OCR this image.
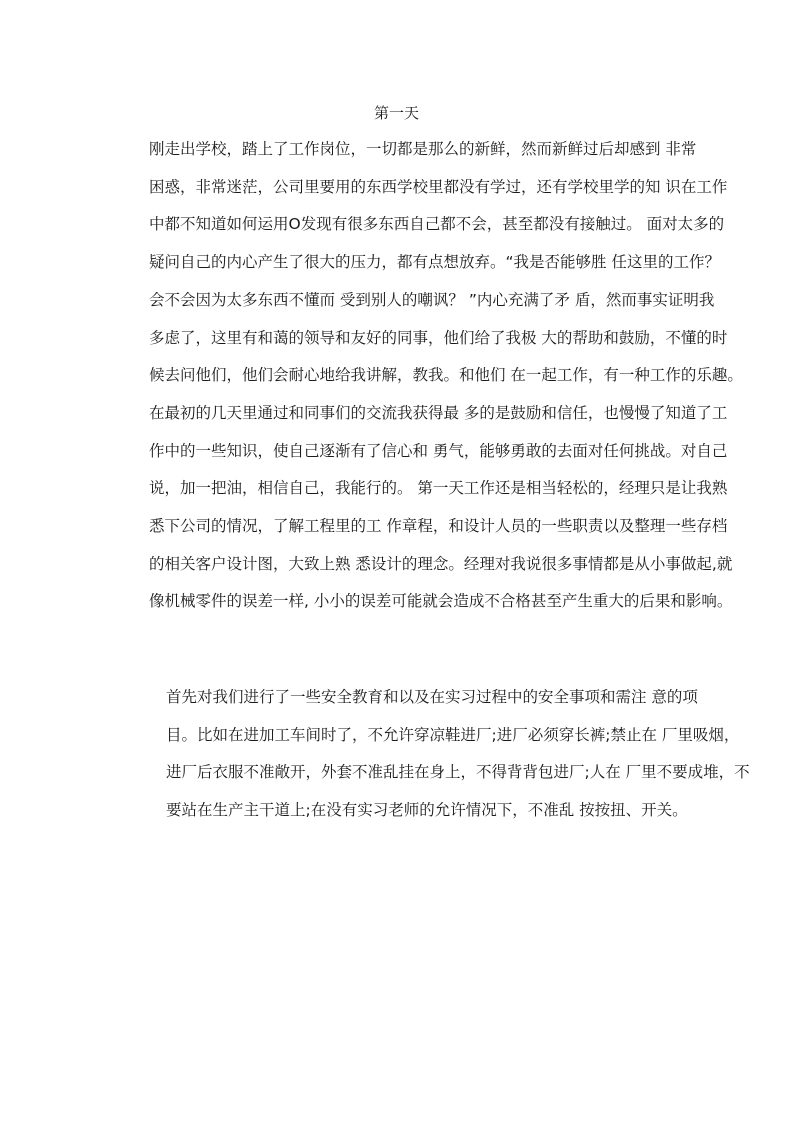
第一天
刚走出学校，踏上了工作岗位，一切都是那么的新鲜，然而新鲜过后却感到 非常
困惑，非常迷茫，公司里要用的东西学校里都没有学过，还有学校里学的知 识在工作
中都不知道如何运用O发现有很多东西自己都不会，甚至都没有接触过。 面对太多的
疑问自己的内心产生了很大的压力，都有点想放弃。“我是否能够胜 任这里的工作？
会不会因为太多东西不懂而 受到别人的嘲讽？ ”内心充满了矛 盾，然而事实证明我
多虑了，这里有和蔼的领导和友好的同事，他们给了我极 大的帮助和鼓励，不懂的时
候去问他们，他们会耐心地给我讲解，教我。和他们 在一起工作，有一种工作的乐趣。
在最初的几天里通过和同事们的交流我获得最 多的是鼓励和信任，也慢慢了知道了工
作中的一些知识，使自己逐渐有了信心和 勇气，能够勇敢的去面对任何挑战。对自己
说，加一把油，相信自己，我能行的。 第一天工作还是相当轻松的，经理只是让我熟
悉下公司的情况，了解工程里的工 作章程，和设计人员的一些职责以及整理一些存档
的相关客户设计图，大致上熟 悉设计的理念。经理对我说很多事情都是从小事做起,就
像机械零件的误差一样, 小小的误差可能就会造成不合格甚至产生重大的后果和影响。
首先对我们进行了一些安全教育和以及在实习过程中的安全事项和需注 意的项
目。比如在进加工车间时了，不允许穿凉鞋进厂;进厂必须穿长裤;禁止在 厂里吸烟，
进厂后衣服不准敞开，外套不准乱挂在身上，不得背背包进厂;人在 厂里不要成堆，不
要站在生产主干道上;在没有实习老师的允许情况下，不准乱 按按扭、开关。
